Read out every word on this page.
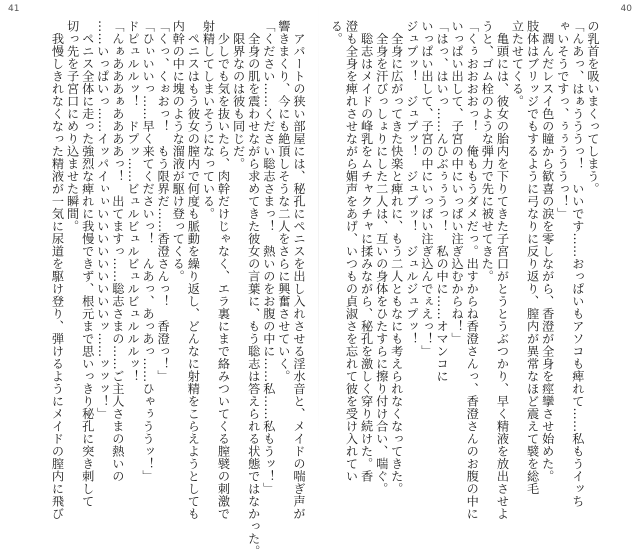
41	40
の乳首を吸いまくってしまう。
「んあっ、はぁうううっ！　いいです……おっぱいもアソコも痺れて……私もうイッち
ゃいそうですっ、ぅぅうううっ！」
　潤んだレスイ色の瞳から歓喜の涙を零しながら、香澄が全身を痙攣させ始めた。
肢体はブリッジでもするように弓なりに反り返り、膣内が異常なほど震えて襞を総毛
立たせてくる。
　亀頭には、彼女の胎内を下りてきた子宮口がとうとうぶつかり、早く精液を放出させよ
うと、ゴム栓のような弾力で先に被せてきた。
「くぅおおおおっ！　俺ももうダメだっ。出すからね香澄さんっ、香澄さんのお腹の中に
いっぱい出して、子宮の中にいっぱい注ぎ込むからね！」
「はっ、はいっ……んひぶぅぅうっ！　私の中に……オマンコに
いっぱい出して、子宮の中にいっぱい注ぎ込んでぇえっ！」
ジュプッ！　ジュプッ！　ジュプッ！　ジュルジュプッ！
　全身に広がってきた快楽と痺れに、もう二人ともなにも考えられなくなってきた。
　全身を汗びっしょりにした二人は、互いの身体をひたすらに擦り付け合い、喘ぐ。
　聡志はメイドの峰乳をムチャクチャに揉みながら、秘孔を激しく穿り続けた。香
澄も全身を痺れさせながら媚声をあげ、いつもの貞淑さを忘れて彼を受け入れてい
る。
　アパートの狭い部屋には、秘孔にペニスを出し入れさせる淫水音と、メイドの喘ぎ声が
響きまくり、今にも絶頂しそうな二人をさらに興奮させていく。
「ください……ください聡志さまっ！　熱いのをお腹の中に……私……私もうッ！」
　全身の肌を震わせながら求めてきた彼女の言葉に、もう聡志は答えられる状態ではなかった。
　限界なのは彼も同じだ。
　少しでも気を抜いたら、肉幹だけじゃなく、エラ裏にまで絡みついてくる膣襞の刺激で
射精してしまいそうになっている。
　ペニスはもう彼女の膣内で何度も脈動を繰り返し、どんなに射精をこらえようとしても
内幹の中に塊のような溜液が駆け登ってくる。
「くっ、くぉおっ！　もう限界だ……香澄さんっ！　香澄っ！」
「ひぃいいっ……早く来てくださいっ！　んあっ、あっあっ……ひゃぅううッ！」
ドピュルルッ！　ドプッ……ビュルビュルビュルビュルルルッ！
「んぁあああぁああああっ！　出てますっ……聡志さまの……ご主人さまの熱いの
……いっぱいっ……イッパイぃぃいいいいいいいいいッ……ッッッ！」
　ペニス全体に走った強烈な痺れに我慢できず、根元まで思いっきり秘孔に突き刺して
切っ先を子宮口にめり込ませた瞬間。
　我慢しきれなくなった精液が一気に尿道を駆け登り、弾けるようにメイドの膣内に飛び
